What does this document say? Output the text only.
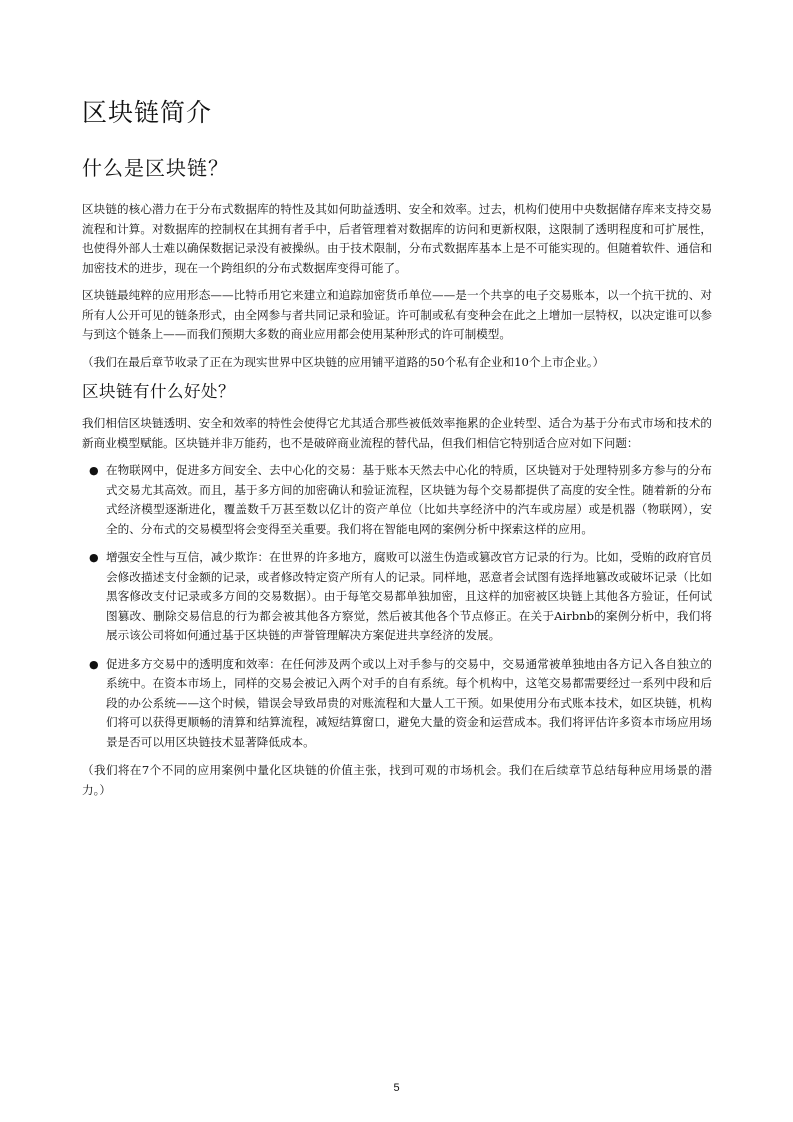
区块链简介
什么是区块链？

区块链的核心潜力在于分布式数据库的特性及其如何助益透明、安全和效率。过去，机构们使用中央数据储存库来支持交易流程和计算。对数据库的控制权在其拥有者手中，后者管理着对数据库的访问和更新权限，这限制了透明程度和可扩展性，也使得外部人士难以确保数据记录没有被操纵。由于技术限制，分布式数据库基本上是不可能实现的。但随着软件、通信和加密技术的进步，现在一个跨组织的分布式数据库变得可能了。

区块链最纯粹的应用形态——比特币用它来建立和追踪加密货币单位——是一个共享的电子交易账本，以一个抗干扰的、对所有人公开可见的链条形式，由全网参与者共同记录和验证。许可制或私有变种会在此之上增加一层特权，以决定谁可以参与到这个链条上——而我们预期大多数的商业应用都会使用某种形式的许可制模型。

（我们在最后章节收录了正在为现实世界中区块链的应用铺平道路的50个私有企业和10个上市企业。）

区块链有什么好处？

我们相信区块链透明、安全和效率的特性会使得它尤其适合那些被低效率拖累的企业转型、适合为基于分布式市场和技术的新商业模型赋能。区块链并非万能药，也不是破碎商业流程的替代品，但我们相信它特别适合应对如下问题：

● 在物联网中，促进多方间安全、去中心化的交易：基于账本天然去中心化的特质，区块链对于处理特别多方参与的分布式交易尤其高效。而且，基于多方间的加密确认和验证流程，区块链为每个交易都提供了高度的安全性。随着新的分布式经济模型逐渐进化，覆盖数千万甚至数以亿计的资产单位（比如共享经济中的汽车或房屋）或是机器（物联网），安全的、分布式的交易模型将会变得至关重要。我们将在智能电网的案例分析中探索这样的应用。
● 增强安全性与互信，减少欺诈：在世界的许多地方，腐败可以滋生伪造或篡改官方记录的行为。比如，受贿的政府官员会修改描述支付金额的记录，或者修改特定资产所有人的记录。同样地，恶意者会试图有选择地篡改或破坏记录（比如黑客修改支付记录或多方间的交易数据）。由于每笔交易都单独加密，且这样的加密被区块链上其他各方验证，任何试图篡改、删除交易信息的行为都会被其他各方察觉，然后被其他各个节点修正。在关于Airbnb的案例分析中，我们将展示该公司将如何通过基于区块链的声誉管理解决方案促进共享经济的发展。
● 促进多方交易中的透明度和效率：在任何涉及两个或以上对手参与的交易中，交易通常被单独地由各方记入各自独立的系统中。在资本市场上，同样的交易会被记入两个对手的自有系统。每个机构中，这笔交易都需要经过一系列中段和后段的办公系统——这个时候，错误会导致昂贵的对账流程和大量人工干预。如果使用分布式账本技术，如区块链，机构们将可以获得更顺畅的清算和结算流程，减短结算窗口，避免大量的资金和运营成本。我们将评估许多资本市场应用场景是否可以用区块链技术显著降低成本。

（我们将在7个不同的应用案例中量化区块链的价值主张，找到可观的市场机会。我们在后续章节总结每种应用场景的潜力。）

5
